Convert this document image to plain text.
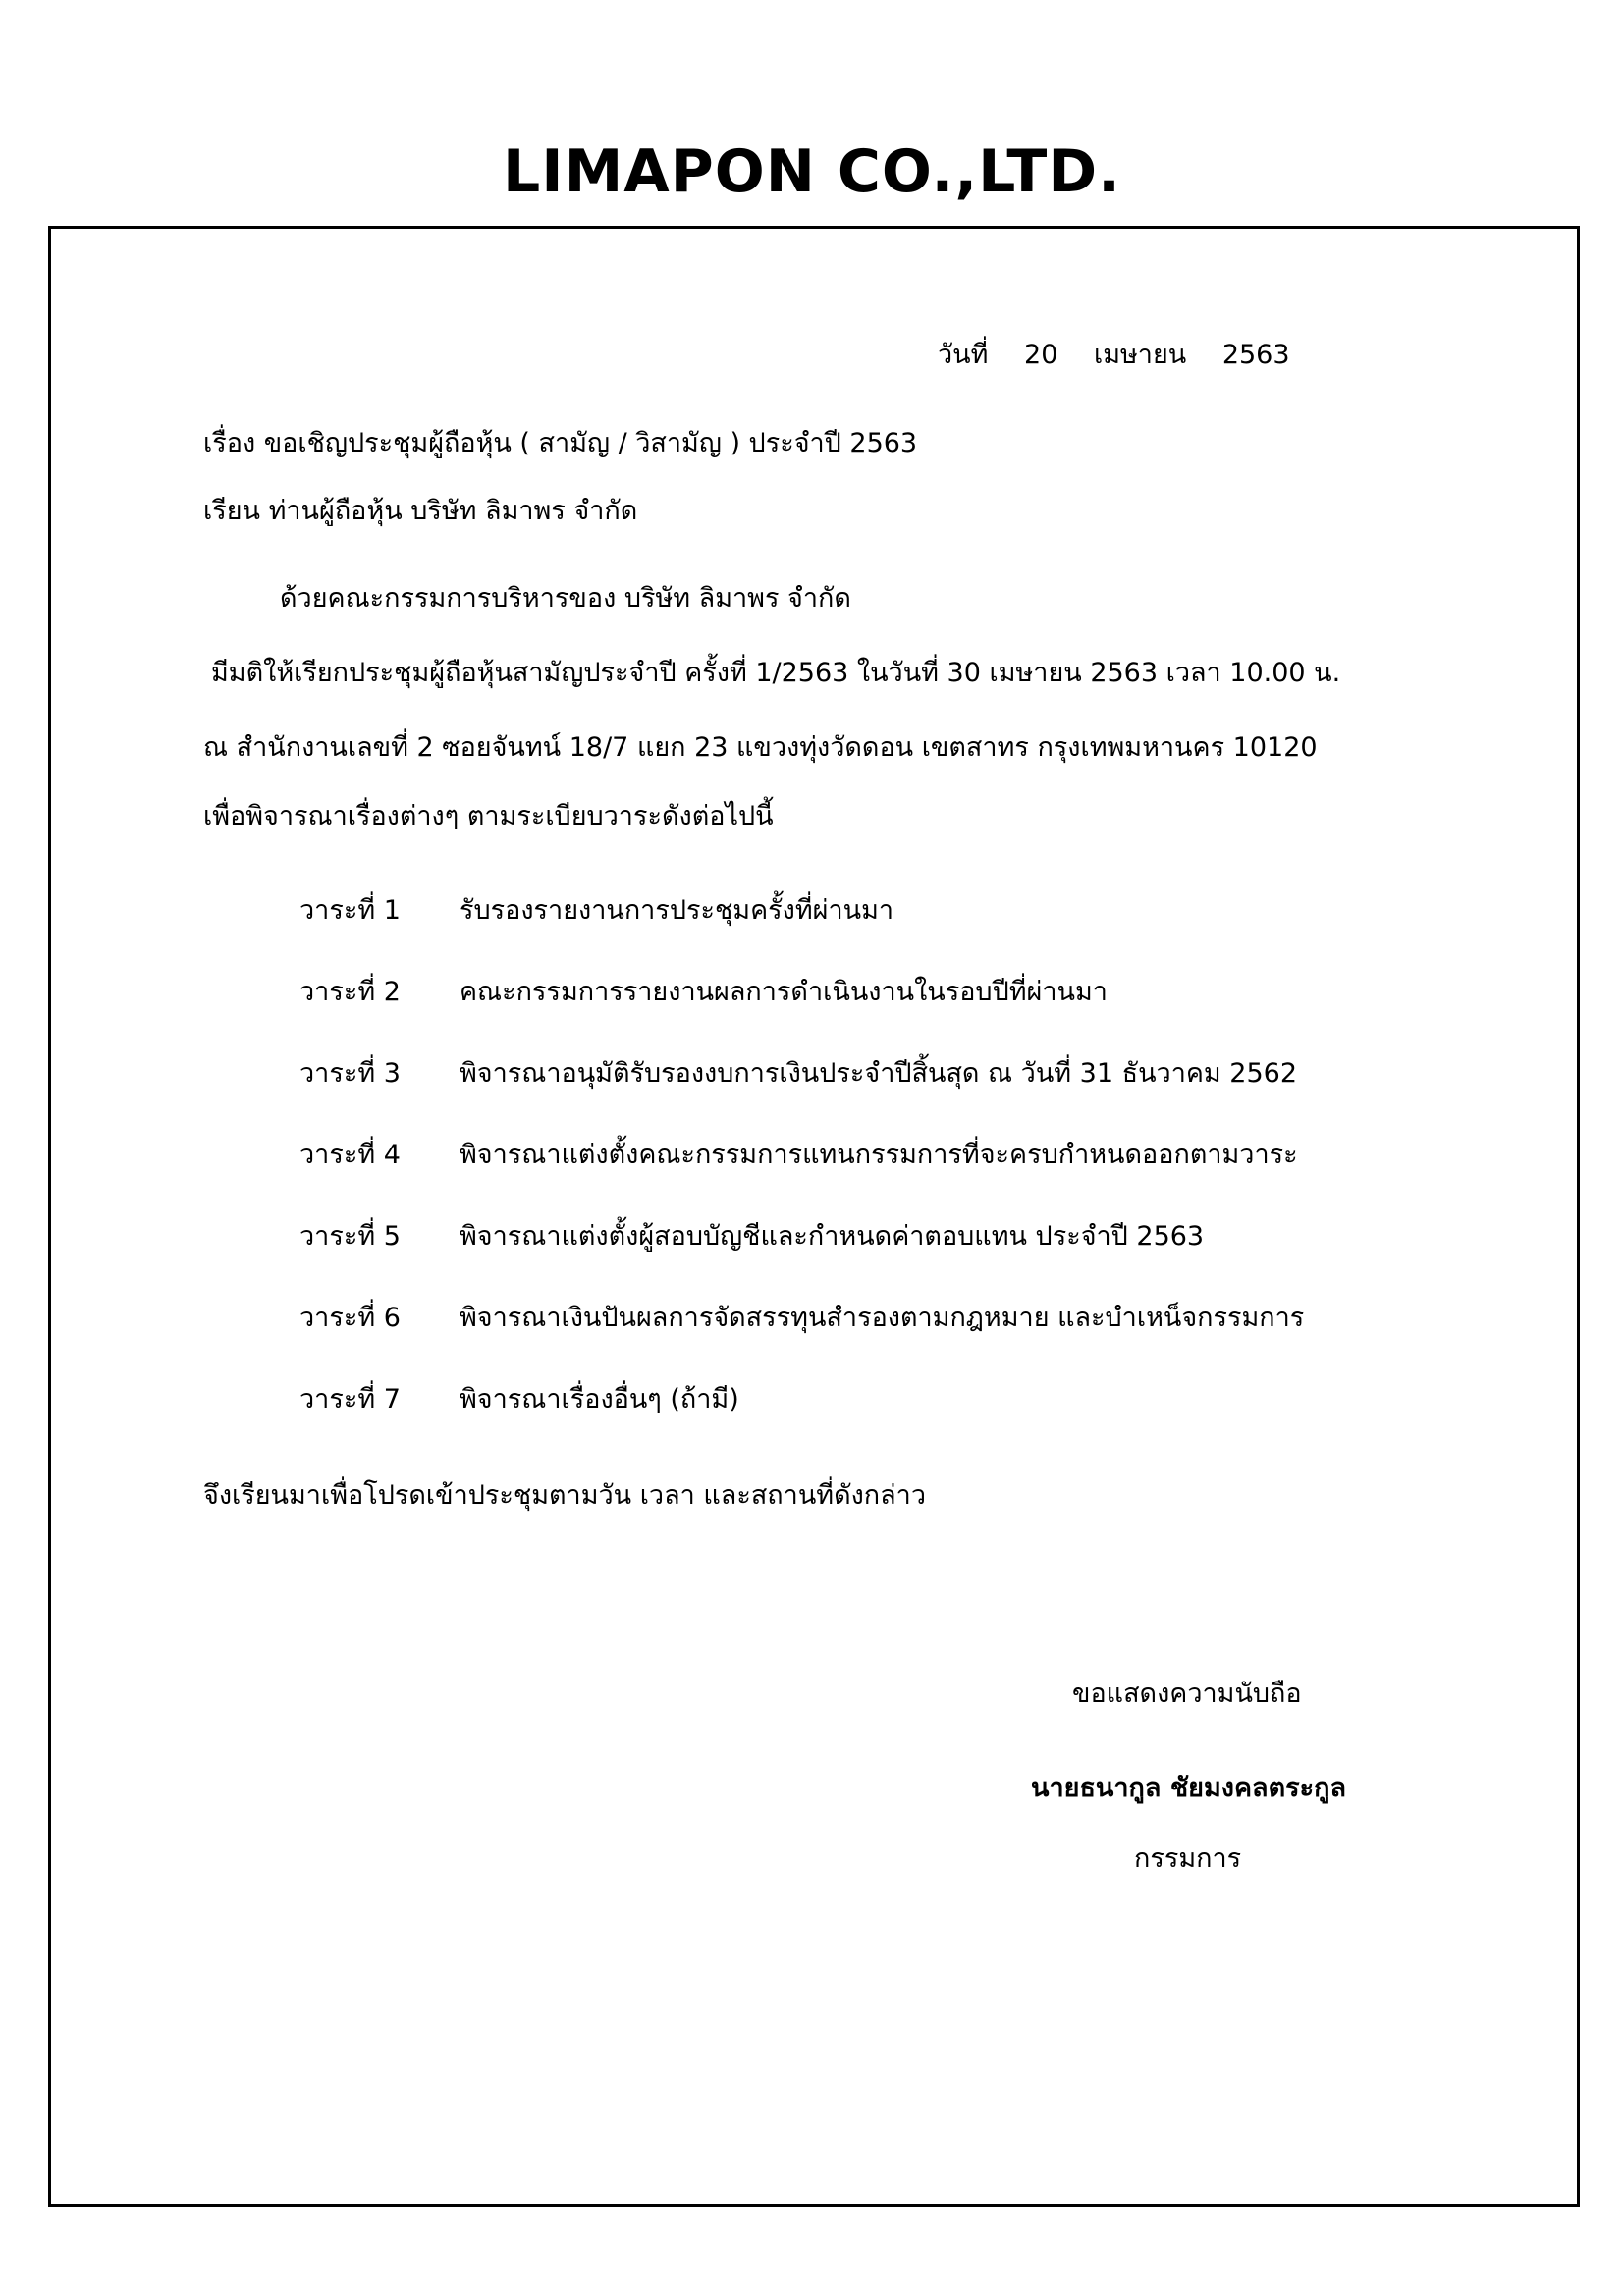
LIMAPON CO.,LTD.
วันที่ 20 เมษายน 2563
เรื่อง ขอเชิญประชุมผู้ถือหุ้น ( สามัญ / วิสามัญ ) ประจำปี 2563
เรียน ท่านผู้ถือหุ้น บริษัท ลิมาพร จำกัด
ด้วยคณะกรรมการบริหารของ บริษัท ลิมาพร จำกัด
มีมติให้เรียกประชุมผู้ถือหุ้นสามัญประจำปี ครั้งที่ 1/2563 ในวันที่ 30 เมษายน 2563 เวลา 10.00 น.
ณ สำนักงานเลขที่ 2 ซอยจันทน์ 18/7 แยก 23 แขวงทุ่งวัดดอน เขตสาทร กรุงเทพมหานคร 10120
เพื่อพิจารณาเรื่องต่างๆ ตามระเบียบวาระดังต่อไปนี้
วาระที่ 1 รับรองรายงานการประชุมครั้งที่ผ่านมา
วาระที่ 2 คณะกรรมการรายงานผลการดำเนินงานในรอบปีที่ผ่านมา
วาระที่ 3 พิจารณาอนุมัติรับรองงบการเงินประจำปีสิ้นสุด ณ วันที่ 31 ธันวาคม 2562
วาระที่ 4 พิจารณาแต่งตั้งคณะกรรมการแทนกรรมการที่จะครบกำหนดออกตามวาระ
วาระที่ 5 พิจารณาแต่งตั้งผู้สอบบัญชีและกำหนดค่าตอบแทน ประจำปี 2563
วาระที่ 6 พิจารณาเงินปันผลการจัดสรรทุนสำรองตามกฎหมาย และบำเหน็จกรรมการ
วาระที่ 7 พิจารณาเรื่องอื่นๆ (ถ้ามี)
จึงเรียนมาเพื่อโปรดเข้าประชุมตามวัน เวลา และสถานที่ดังกล่าว
ขอแสดงความนับถือ
นายธนากูล ชัยมงคลตระกูล
กรรมการ
